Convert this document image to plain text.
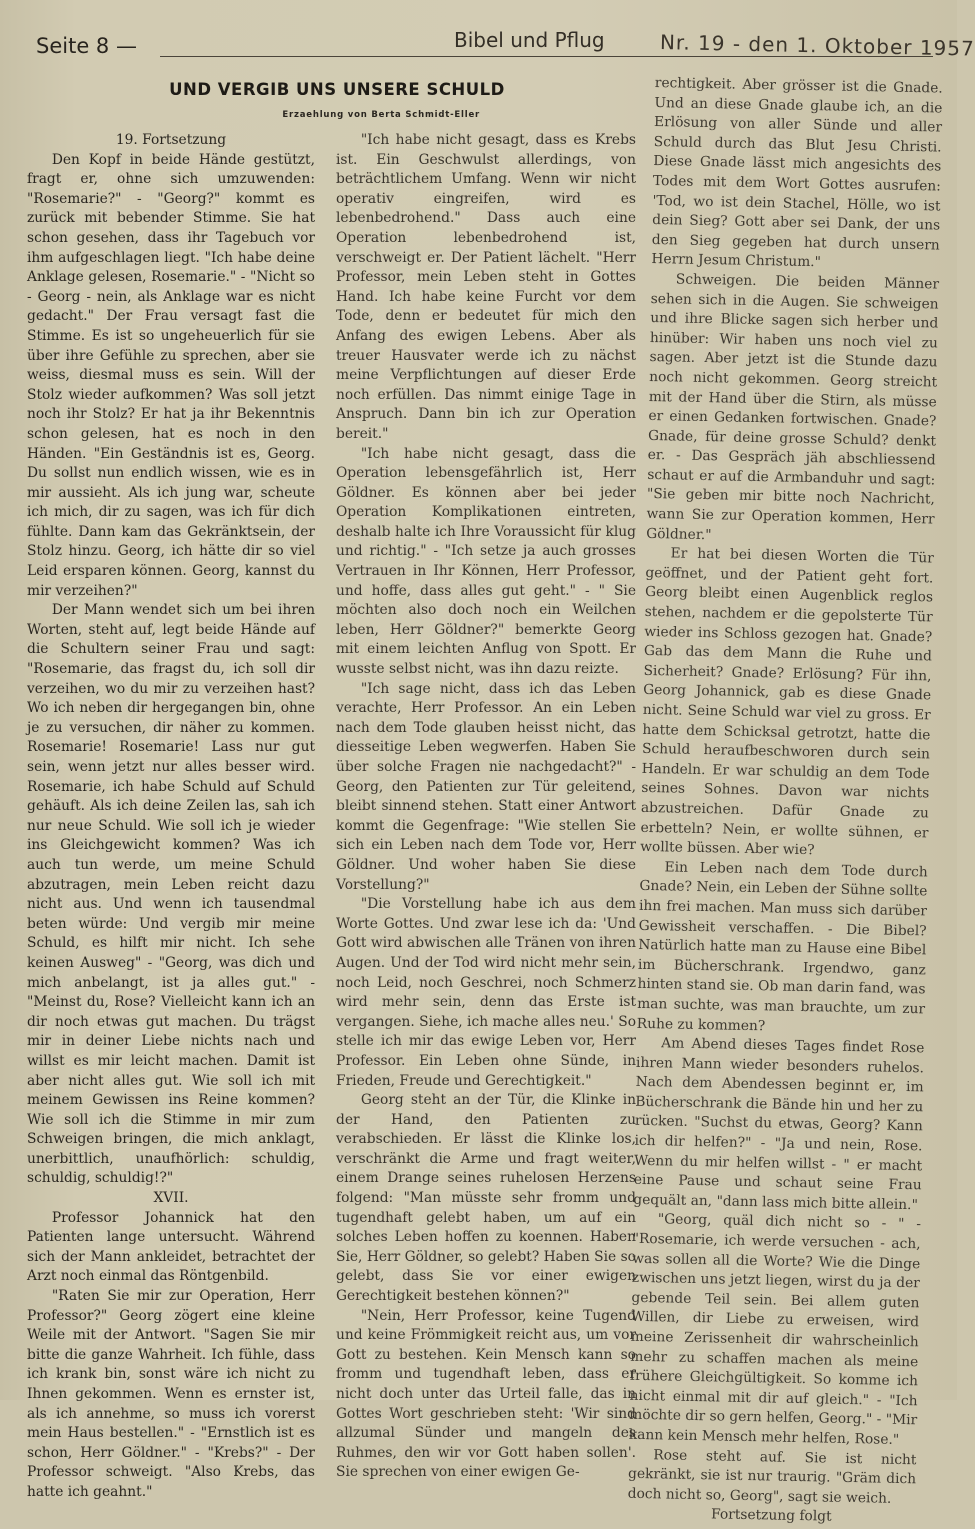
Seite 8 —	Bibel und Pflug	Nr. 19 - den 1. Oktober 1957
UND VERGIB UNS UNSERE SCHULD
Erzaehlung von Berta Schmidt-Eller

19. Fortsetzung

Den Kopf in beide Hände gestützt, fragt er, ohne sich umzuwenden: "Rosemarie?" - "Georg?" kommt es zurück mit bebender Stimme. Sie hat schon gesehen, dass ihr Tagebuch vor ihm aufgeschlagen liegt. "Ich habe deine Anklage gelesen, Rosemarie." - "Nicht so - Georg - nein, als Anklage war es nicht gedacht." Der Frau versagt fast die Stimme. Es ist so ungeheuerlich für sie über ihre Gefühle zu sprechen, aber sie weiss, diesmal muss es sein. Will der Stolz wieder aufkommen? Was soll jetzt noch ihr Stolz? Er hat ja ihr Bekenntnis schon gelesen, hat es noch in den Händen. "Ein Geständnis ist es, Georg. Du sollst nun endlich wissen, wie es in mir aussieht. Als ich jung war, scheute ich mich, dir zu sagen, was ich für dich fühlte. Dann kam das Gekränktsein, der Stolz hinzu. Georg, ich hätte dir so viel Leid ersparen können. Georg, kannst du mir verzeihen?"

Der Mann wendet sich um bei ihren Worten, steht auf, legt beide Hände auf die Schultern seiner Frau und sagt: "Rosemarie, das fragst du, ich soll dir verzeihen, wo du mir zu verzeihen hast? Wo ich neben dir hergegangen bin, ohne je zu versuchen, dir näher zu kommen. Rosemarie! Rosemarie! Lass nur gut sein, wenn jetzt nur alles besser wird. Rosemarie, ich habe Schuld auf Schuld gehäuft. Als ich deine Zeilen las, sah ich nur neue Schuld. Wie soll ich je wieder ins Gleichgewicht kommen? Was ich auch tun werde, um meine Schuld abzutragen, mein Leben reicht dazu nicht aus. Und wenn ich tausendmal beten würde: Und vergib mir meine Schuld, es hilft mir nicht. Ich sehe keinen Ausweg" - "Georg, was dich und mich anbelangt, ist ja alles gut." - "Meinst du, Rose? Vielleicht kann ich an dir noch etwas gut machen. Du trägst mir in deiner Liebe nichts nach und willst es mir leicht machen. Damit ist aber nicht alles gut. Wie soll ich mit meinem Gewissen ins Reine kommen? Wie soll ich die Stimme in mir zum Schweigen bringen, die mich anklagt, unerbittlich, unaufhörlich: schuldig, schuldig, schuldig!?"

XVII.

Professor Johannick hat den Patienten lange untersucht. Während sich der Mann ankleidet, betrachtet der Arzt noch einmal das Röntgenbild.

"Raten Sie mir zur Operation, Herr Professor?" Georg zögert eine kleine Weile mit der Antwort. "Sagen Sie mir bitte die ganze Wahrheit. Ich fühle, dass ich krank bin, sonst wäre ich nicht zu Ihnen gekommen. Wenn es ernster ist, als ich annehme, so muss ich vorerst mein Haus bestellen." - "Ernstlich ist es schon, Herr Göldner." - "Krebs?" - Der Professor schweigt. "Also Krebs, das hatte ich geahnt."

"Ich habe nicht gesagt, dass es Krebs ist. Ein Geschwulst allerdings, von beträchtlichem Umfang. Wenn wir nicht operativ eingreifen, wird es lebenbedrohend." Dass auch eine Operation lebenbedrohend ist, verschweigt er. Der Patient lächelt. "Herr Professor, mein Leben steht in Gottes Hand. Ich habe keine Furcht vor dem Tode, denn er bedeutet für mich den Anfang des ewigen Lebens. Aber als treuer Hausvater werde ich zu nächst meine Verpflichtungen auf dieser Erde noch erfüllen. Das nimmt einige Tage in Anspruch. Dann bin ich zur Operation bereit."

"Ich habe nicht gesagt, dass die Operation lebensgefährlich ist, Herr Göldner. Es können aber bei jeder Operation Komplikationen eintreten, deshalb halte ich Ihre Voraussicht für klug und richtig." - "Ich setze ja auch grosses Vertrauen in Ihr Können, Herr Professor, und hoffe, dass alles gut geht." - " Sie möchten also doch noch ein Weilchen leben, Herr Göldner?" bemerkte Georg mit einem leichten Anflug von Spott. Er wusste selbst nicht, was ihn dazu reizte.

"Ich sage nicht, dass ich das Leben verachte, Herr Professor. An ein Leben nach dem Tode glauben heisst nicht, das diesseitige Leben wegwerfen. Haben Sie über solche Fragen nie nachgedacht?" - Georg, den Patienten zur Tür geleitend, bleibt sinnend stehen. Statt einer Antwort kommt die Gegenfrage: "Wie stellen Sie sich ein Leben nach dem Tode vor, Herr Göldner. Und woher haben Sie diese Vorstellung?"

"Die Vorstellung habe ich aus dem Worte Gottes. Und zwar lese ich da: 'Und Gott wird abwischen alle Tränen von ihren Augen. Und der Tod wird nicht mehr sein, noch Leid, noch Geschrei, noch Schmerz wird mehr sein, denn das Erste ist vergangen. Siehe, ich mache alles neu.' So stelle ich mir das ewige Leben vor, Herr Professor. Ein Leben ohne Sünde, in Frieden, Freude und Gerechtigkeit."

Georg steht an der Tür, die Klinke in der Hand, den Patienten zu verabschieden. Er lässt die Klinke los, verschränkt die Arme und fragt weiter, einem Drange seines ruhelosen Herzens folgend: "Man müsste sehr fromm und tugendhaft gelebt haben, um auf ein solches Leben hoffen zu koennen. Haben Sie, Herr Göldner, so gelebt? Haben Sie so gelebt, dass Sie vor einer ewigen Gerechtigkeit bestehen können?"

"Nein, Herr Professor, keine Tugend und keine Frömmigkeit reicht aus, um vor Gott zu bestehen. Kein Mensch kann so fromm und tugendhaft leben, dass er nicht doch unter das Urteil falle, das in Gottes Wort geschrieben steht: 'Wir sind allzumal Sünder und mangeln des Ruhmes, den wir vor Gott haben sollen'. Sie sprechen von einer ewigen Ge-

rechtigkeit. Aber grösser ist die Gnade. Und an diese Gnade glaube ich, an die Erlösung von aller Sünde und aller Schuld durch das Blut Jesu Christi. Diese Gnade lässt mich angesichts des Todes mit dem Wort Gottes ausrufen: 'Tod, wo ist dein Stachel, Hölle, wo ist dein Sieg? Gott aber sei Dank, der uns den Sieg gegeben hat durch unsern Herrn Jesum Christum."

Schweigen. Die beiden Männer sehen sich in die Augen. Sie schweigen und ihre Blicke sagen sich herber und hinüber: Wir haben uns noch viel zu sagen. Aber jetzt ist die Stunde dazu noch nicht gekommen. Georg streicht mit der Hand über die Stirn, als müsse er einen Gedanken fortwischen. Gnade? Gnade, für deine grosse Schuld? denkt er. - Das Gespräch jäh abschliessend schaut er auf die Armbanduhr und sagt: "Sie geben mir bitte noch Nachricht, wann Sie zur Operation kommen, Herr Göldner."

Er hat bei diesen Worten die Tür geöffnet, und der Patient geht fort. Georg bleibt einen Augenblick reglos stehen, nachdem er die gepolsterte Tür wieder ins Schloss gezogen hat. Gnade? Gab das dem Mann die Ruhe und Sicherheit? Gnade? Erlösung? Für ihn, Georg Johannick, gab es diese Gnade nicht. Seine Schuld war viel zu gross. Er hatte dem Schicksal getrotzt, hatte die Schuld heraufbeschworen durch sein Handeln. Er war schuldig an dem Tode seines Sohnes. Davon war nichts abzustreichen. Dafür Gnade zu erbetteln? Nein, er wollte sühnen, er wollte büssen. Aber wie?

Ein Leben nach dem Tode durch Gnade? Nein, ein Leben der Sühne sollte ihn frei machen. Man muss sich darüber Gewissheit verschaffen. - Die Bibel? Natürlich hatte man zu Hause eine Bibel im Bücherschrank. Irgendwo, ganz hinten stand sie. Ob man darin fand, was man suchte, was man brauchte, um zur Ruhe zu kommen?

Am Abend dieses Tages findet Rose ihren Mann wieder besonders ruhelos. Nach dem Abendessen beginnt er, im Bücherschrank die Bände hin und her zu rücken. "Suchst du etwas, Georg? Kann ich dir helfen?" - "Ja und nein, Rose. Wenn du mir helfen willst - " er macht eine Pause und schaut seine Frau gequält an, "dann lass mich bitte allein."

"Georg, quäl dich nicht so - " - "Rosemarie, ich werde versuchen - ach, was sollen all die Worte? Wie die Dinge zwischen uns jetzt liegen, wirst du ja der gebende Teil sein. Bei allem guten Willen, dir Liebe zu erweisen, wird meine Zerissenheit dir wahrscheinlich mehr zu schaffen machen als meine frühere Gleichgültigkeit. So komme ich nicht einmal mit dir auf gleich." - "Ich möchte dir so gern helfen, Georg." - "Mir kann kein Mensch mehr helfen, Rose."

Rose steht auf. Sie ist nicht gekränkt, sie ist nur traurig. "Gräm dich doch nicht so, Georg", sagt sie weich.

Fortsetzung folgt
